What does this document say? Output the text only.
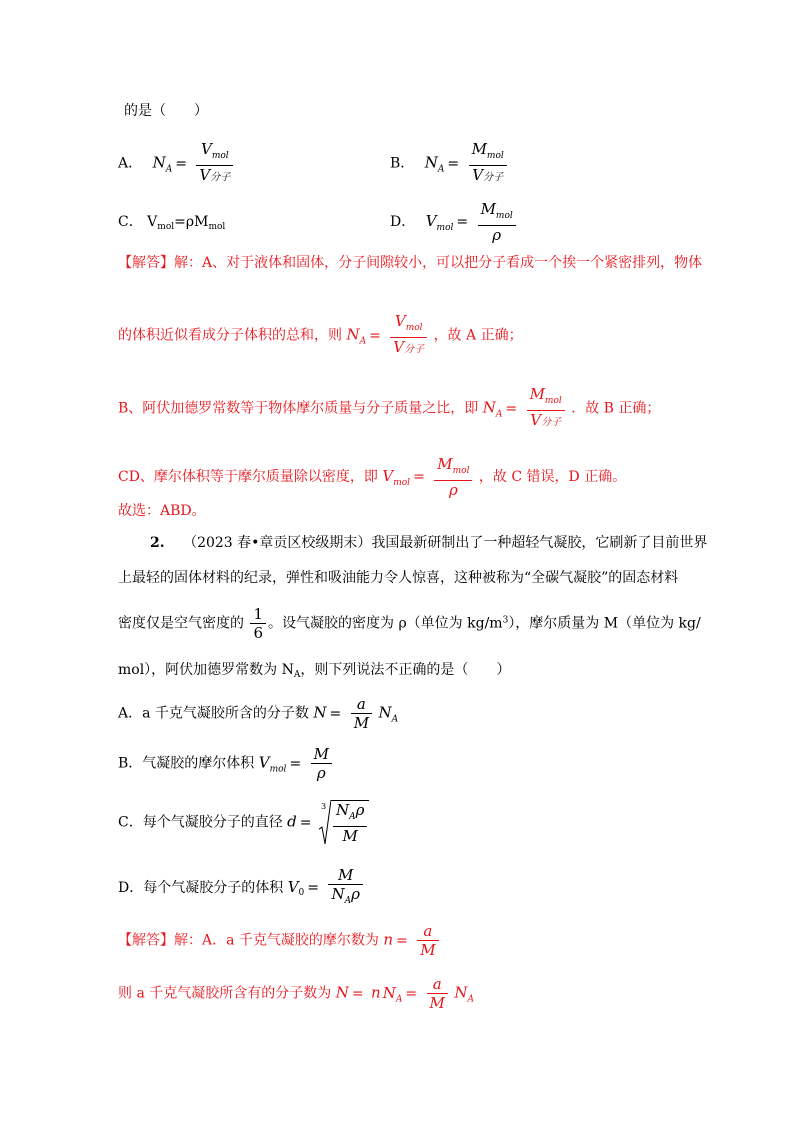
的是（　　）
A． $N_A = \frac{V_{mol}}{\text{V分子}}$	B． $N_A = \frac{M_{mol}}{\text{V分子}}$
C． $V_{mol}=\rho M_{mol}$	D． $V_{mol} = \frac{M_{mol}}{\rho}$
【解答】解：A、对于液体和固体，分子间隙较小，可以把分子看成一个挨一个紧密排列，物体
的体积近似看成分子体积的总和，则 $N_A = \frac{V_{mol}}{\text{V分子}}$ ，故 A 正确；
B、阿伏加德罗常数等于物体摩尔质量与分子质量之比，即 $N_A = \frac{M_{mol}}{\text{V分子}}$ ．故 B 正确；
CD、摩尔体积等于摩尔质量除以密度，即 $V_{mol} = \frac{M_{mol}}{\rho}$ ，故 C 错误，D 正确。
故选：ABD。
2. （2023 春•章贡区校级期末）我国最新研制出了一种超轻气凝胶，它刷新了目前世界
上最轻的固体材料的纪录，弹性和吸油能力令人惊喜，这种被称为“全碳气凝胶”的固态材料
密度仅是空气密度的 $\frac{1}{6}$ 。设气凝胶的密度为 ρ（单位为 $kg/m^3$），摩尔质量为 M（单位为 kg/
mol），阿伏加德罗常数为 $N_A$，则下列说法不正确的是（　　）
A．a 千克气凝胶所含的分子数 $N = \frac{a}{M} N_A$
B．气凝胶的摩尔体积 $V_{mol} = \frac{M}{\rho}$
C．每个气凝胶分子的直径 d =
$3 \frac{N_A\rho}{M}$
D．每个气凝胶分子的体积 $V_0 = \frac{M}{N_A\rho}$
【解答】解：A．a 千克气凝胶的摩尔数为 $n = \frac{a}{M}$
则 a 千克气凝胶所含有的分子数为 N = n $N_A = \frac{a}{M} N_A$
